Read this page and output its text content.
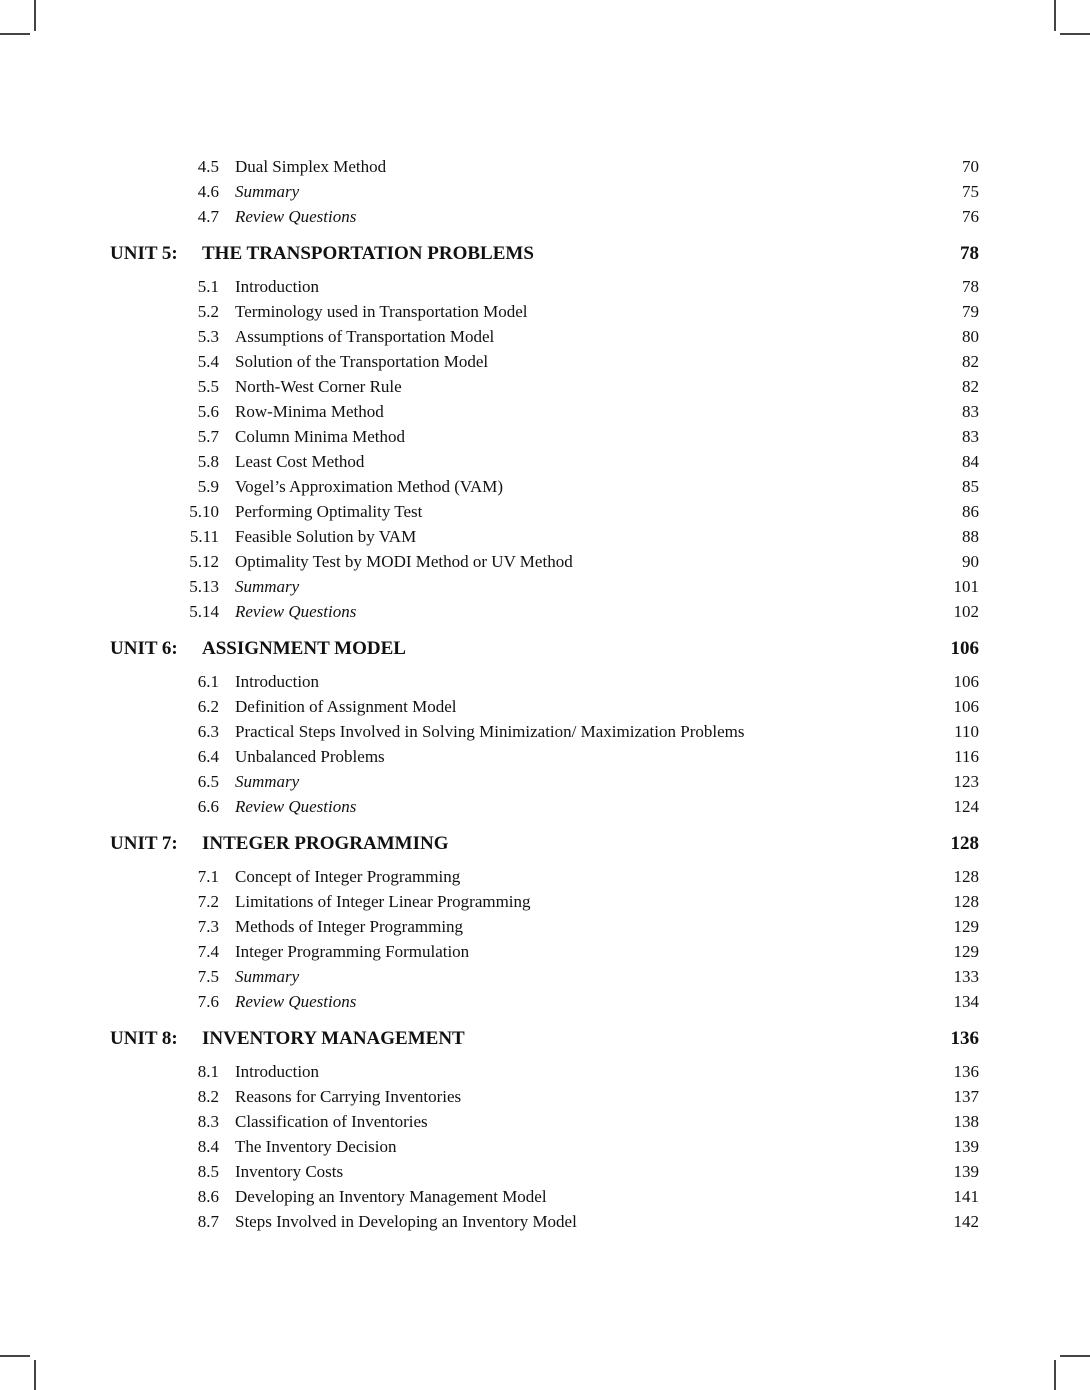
4.5 Dual Simplex Method	70
4.6 Summary	75
4.7 Review Questions	76
UNIT 5: THE TRANSPORTATION PROBLEMS	78
5.1 Introduction	78
5.2 Terminology used in Transportation Model	79
5.3 Assumptions of Transportation Model	80
5.4 Solution of the Transportation Model	82
5.5 North-West Corner Rule	82
5.6 Row-Minima Method	83
5.7 Column Minima Method	83
5.8 Least Cost Method	84
5.9 Vogel’s Approximation Method (VAM)	85
5.10 Performing Optimality Test	86
5.11 Feasible Solution by VAM	88
5.12 Optimality Test by MODI Method or UV Method	90
5.13 Summary	101
5.14 Review Questions	102
UNIT 6: ASSIGNMENT MODEL	106
6.1 Introduction	106
6.2 Definition of Assignment Model	106
6.3 Practical Steps Involved in Solving Minimization/ Maximization Problems	110
6.4 Unbalanced Problems	116
6.5 Summary	123
6.6 Review Questions	124
UNIT 7: INTEGER PROGRAMMING	128
7.1 Concept of Integer Programming	128
7.2 Limitations of Integer Linear Programming	128
7.3 Methods of Integer Programming	129
7.4 Integer Programming Formulation	129
7.5 Summary	133
7.6 Review Questions	134
UNIT 8: INVENTORY MANAGEMENT	136
8.1 Introduction	136
8.2 Reasons for Carrying Inventories	137
8.3 Classification of Inventories	138
8.4 The Inventory Decision	139
8.5 Inventory Costs	139
8.6 Developing an Inventory Management Model	141
8.7 Steps Involved in Developing an Inventory Model	142
